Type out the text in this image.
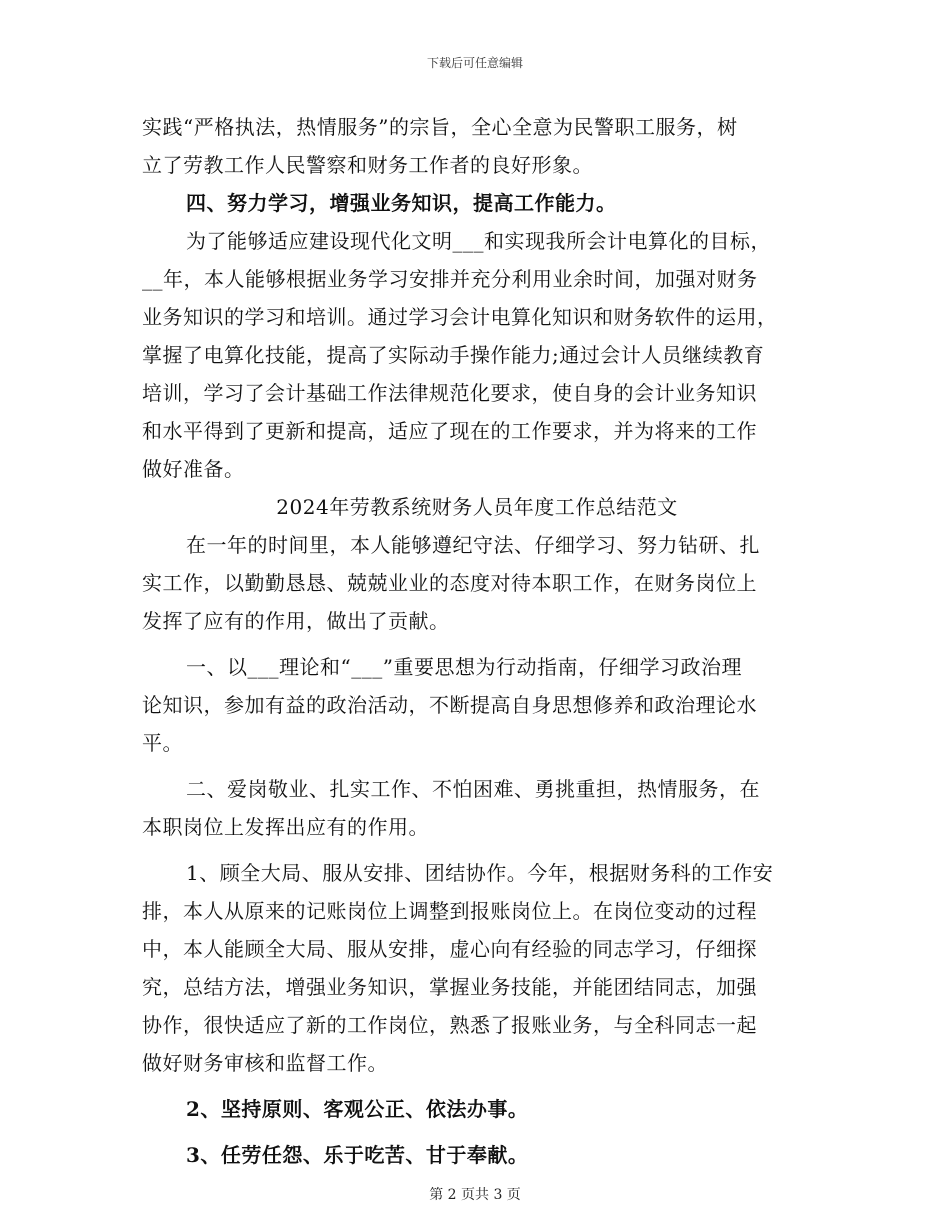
下载后可任意编辑
实践“严格执法，热情服务”的宗旨，全心全意为民警职工服务，树
立了劳教工作人民警察和财务工作者的良好形象。
四、努力学习，增强业务知识，提高工作能力。
为了能够适应建设现代化文明___和实现我所会计电算化的目标，
__年，本人能够根据业务学习安排并充分利用业余时间，加强对财务
业务知识的学习和培训。通过学习会计电算化知识和财务软件的运用，
掌握了电算化技能，提高了实际动手操作能力;通过会计人员继续教育
培训，学习了会计基础工作法律规范化要求，使自身的会计业务知识
和水平得到了更新和提高，适应了现在的工作要求，并为将来的工作
做好准备。
2024年劳教系统财务人员年度工作总结范文
在一年的时间里，本人能够遵纪守法、仔细学习、努力钻研、扎
实工作，以勤勤恳恳、兢兢业业的态度对待本职工作，在财务岗位上
发挥了应有的作用，做出了贡献。
一、以___理论和“___”重要思想为行动指南，仔细学习政治理
论知识，参加有益的政治活动，不断提高自身思想修养和政治理论水
平。
二、爱岗敬业、扎实工作、不怕困难、勇挑重担，热情服务，在
本职岗位上发挥出应有的作用。
1、顾全大局、服从安排、团结协作。今年，根据财务科的工作安
排，本人从原来的记账岗位上调整到报账岗位上。在岗位变动的过程
中，本人能顾全大局、服从安排，虚心向有经验的同志学习，仔细探
究，总结方法，增强业务知识，掌握业务技能，并能团结同志，加强
协作，很快适应了新的工作岗位，熟悉了报账业务，与全科同志一起
做好财务审核和监督工作。
2、坚持原则、客观公正、依法办事。
3、任劳任怨、乐于吃苦、甘于奉献。
第 2 页共 3 页
